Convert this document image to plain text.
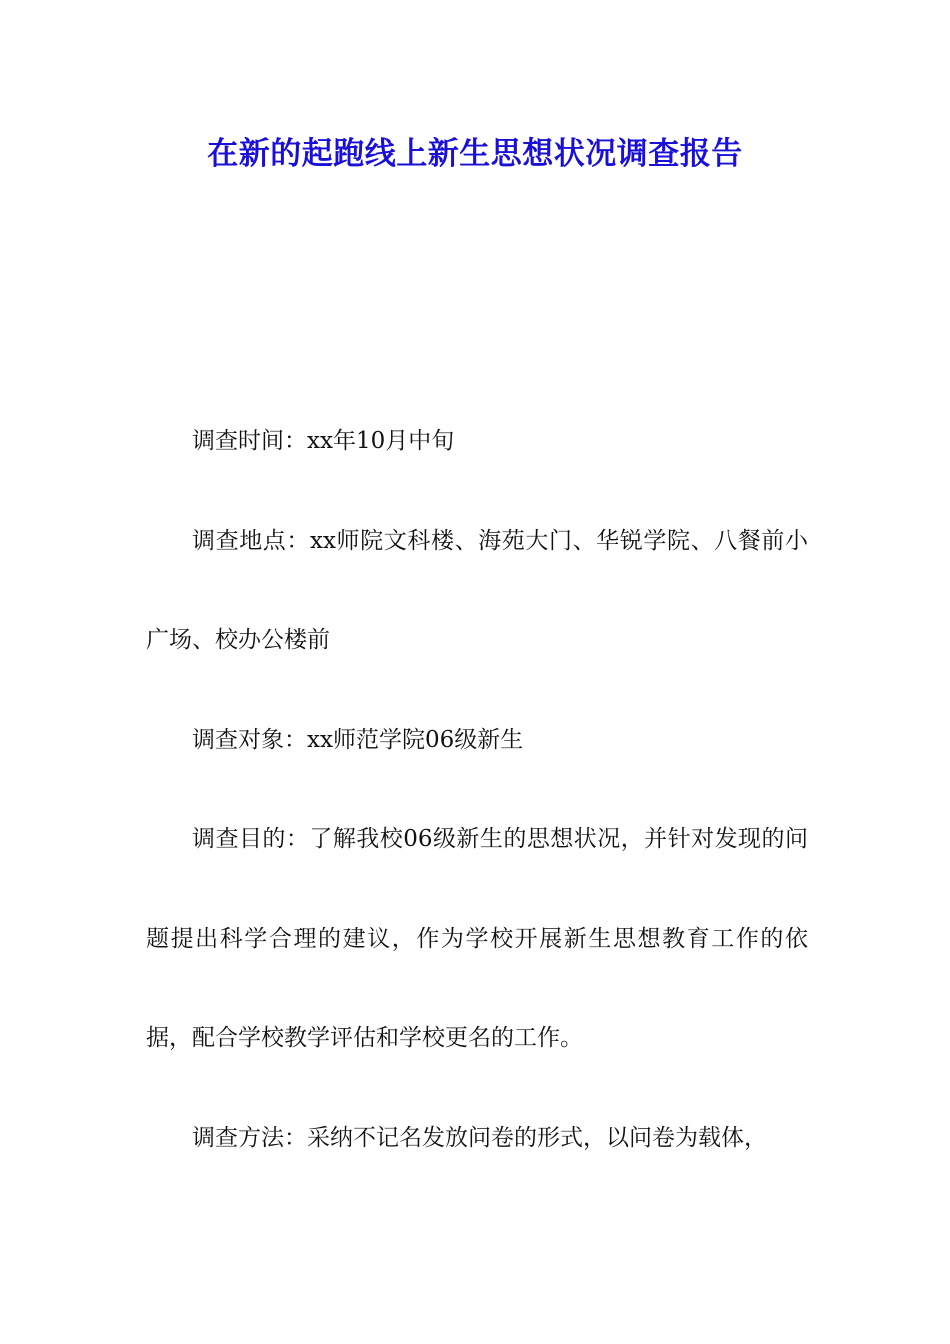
在新的起跑线上新生思想状况调查报告

调查时间：xx年10月中旬

调查地点：xx师院文科楼、海苑大门、华锐学院、八餐前小广场、校办公楼前

调查对象：xx师范学院06级新生

调查目的：了解我校06级新生的思想状况，并针对发现的问题提出科学合理的建议，作为学校开展新生思想教育工作的依据，配合学校教学评估和学校更名的工作。

调查方法：采纳不记名发放问卷的形式，以问卷为载体，
